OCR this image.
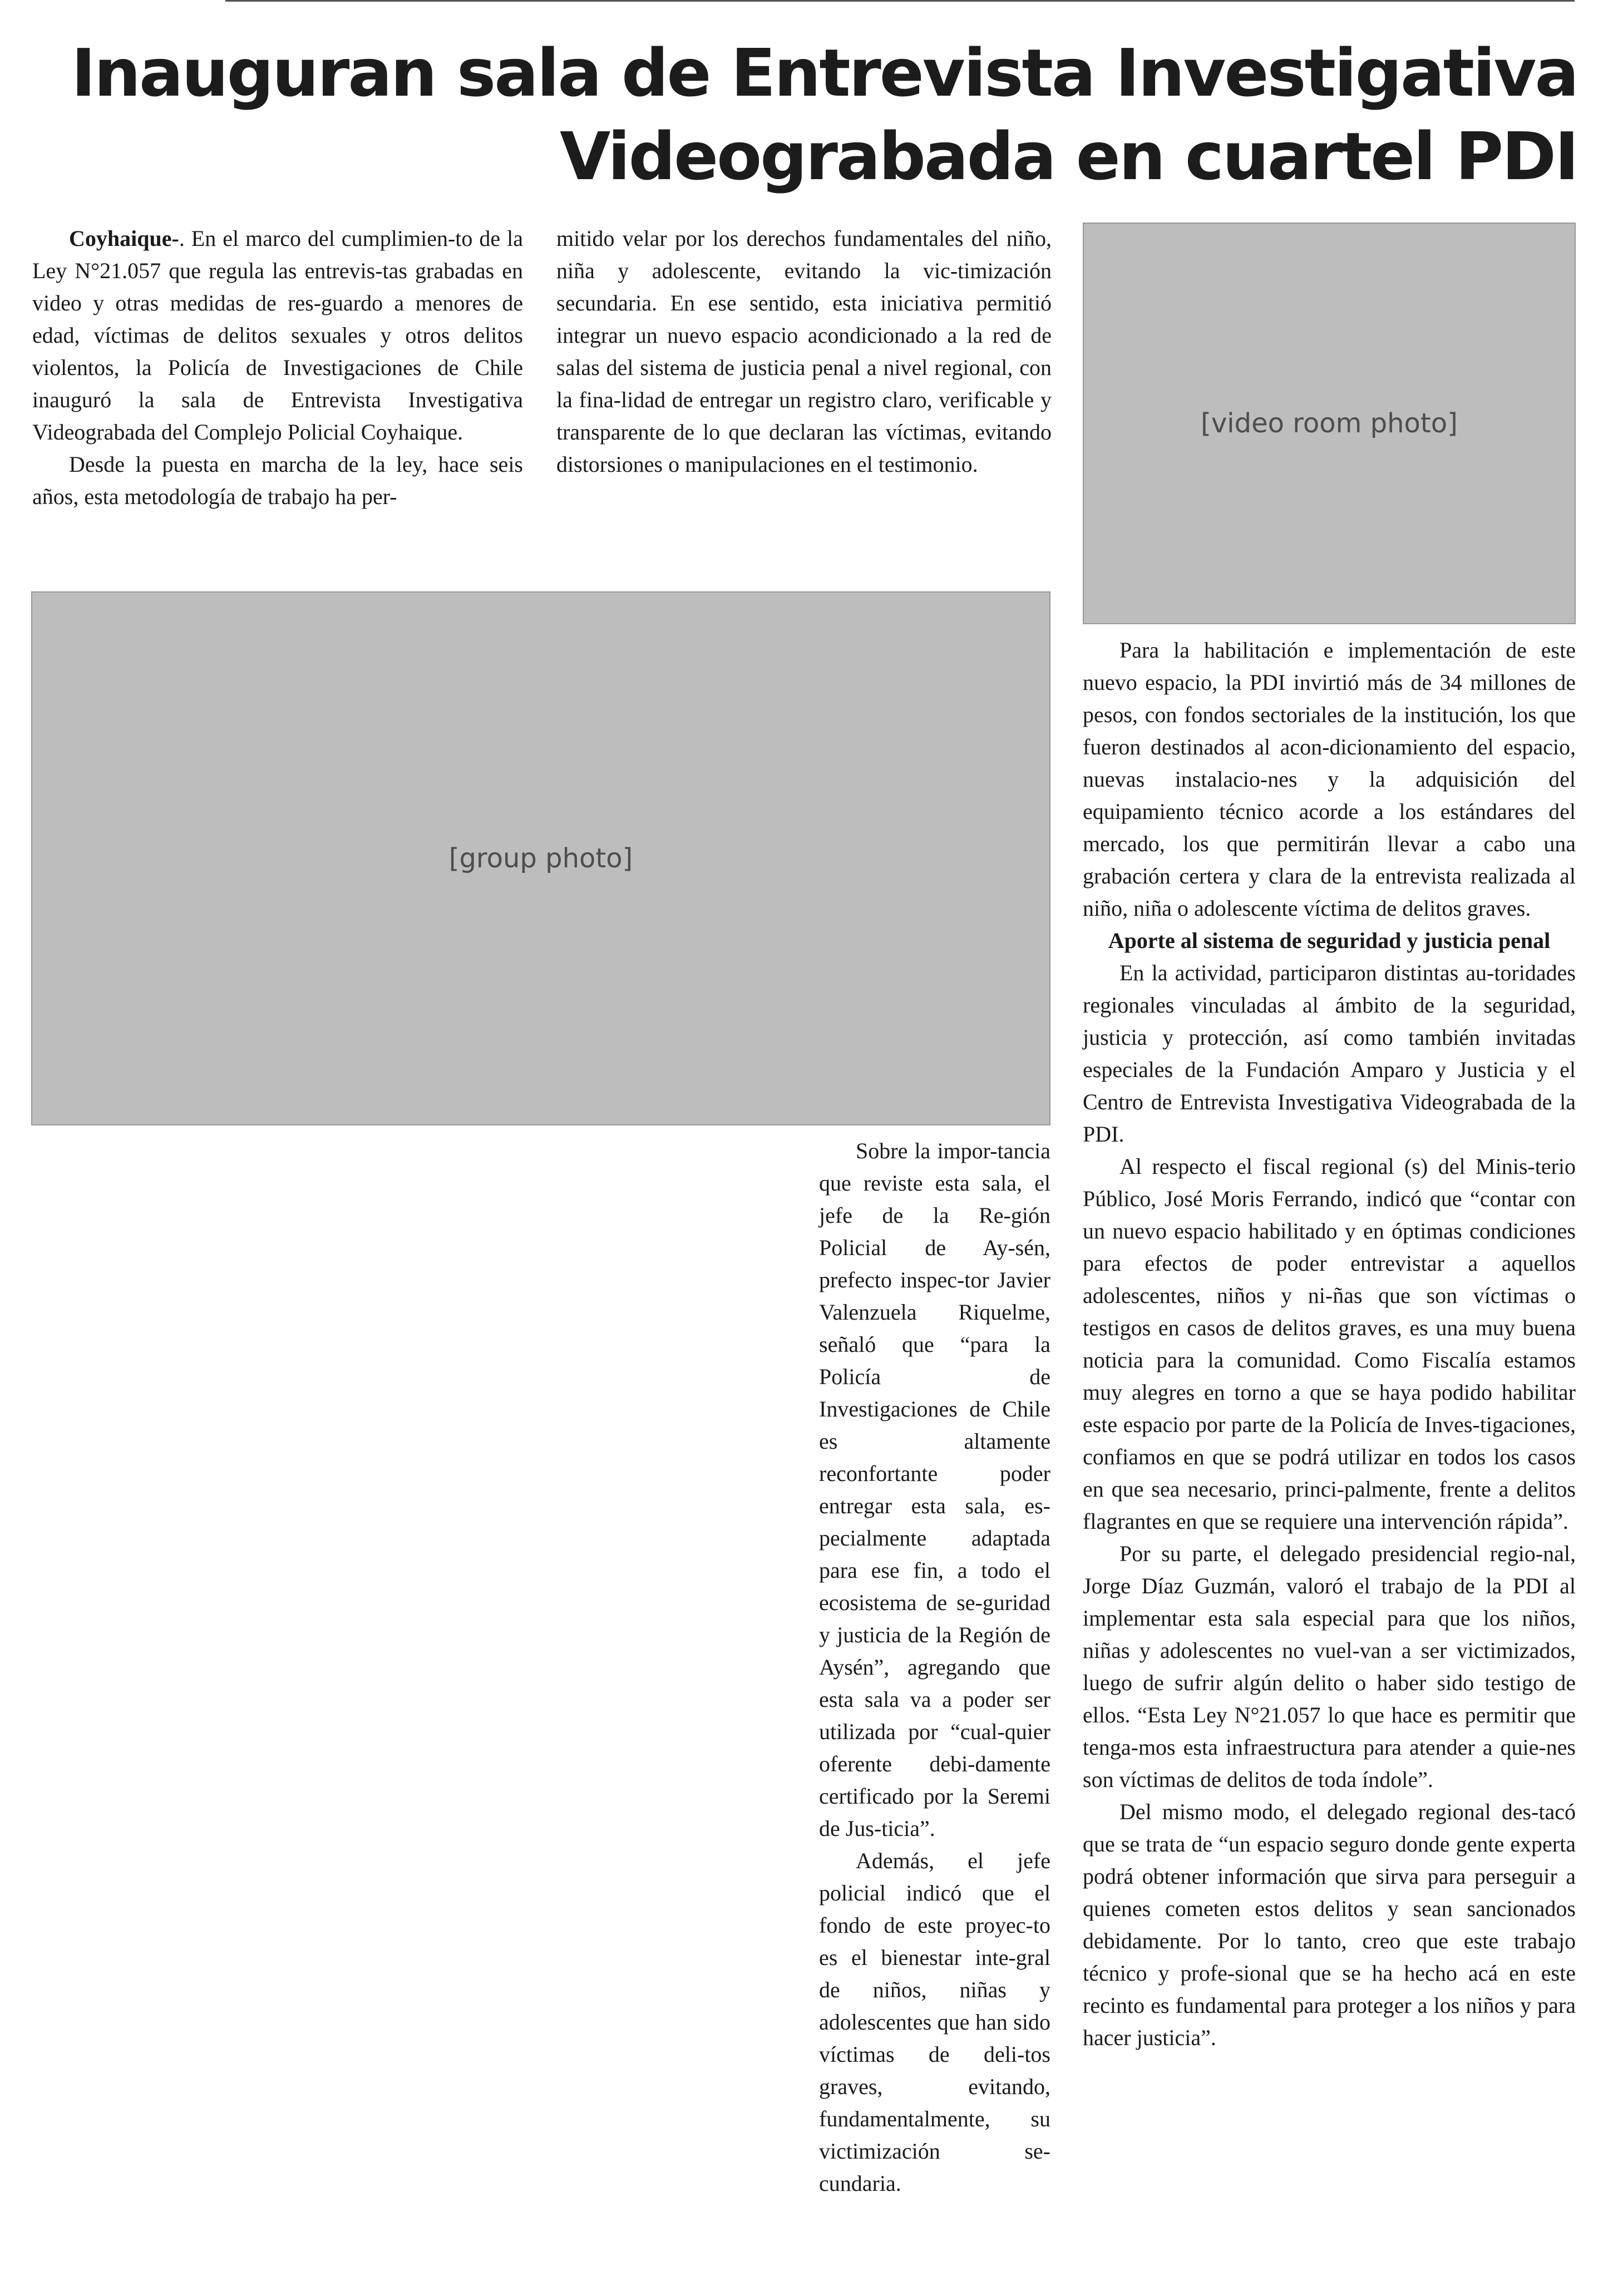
Inauguran sala de Entrevista Investigativa
Videograbada en cuartel PDI

Coyhaique-. En el marco del cumplimien-to de la Ley N°21.057 que regula las entrevis-tas grabadas en video y otras medidas de res-guardo a menores de edad, víctimas de delitos sexuales y otros delitos violentos, la Policía de Investigaciones de Chile inauguró la sala de Entrevista Investigativa Videograbada del Complejo Policial Coyhaique.

Desde la puesta en marcha de la ley, hace seis años, esta metodología de trabajo ha per-

mitido velar por los derechos fundamentales del niño, niña y adolescente, evitando la vic-timización secundaria. En ese sentido, esta iniciativa permitió integrar un nuevo espacio acondicionado a la red de salas del sistema de justicia penal a nivel regional, con la fina-lidad de entregar un registro claro, verificable y transparente de lo que declaran las víctimas, evitando distorsiones o manipulaciones en el testimonio.

[video room photo]
[group photo]

Para la habilitación e implementación de este nuevo espacio, la PDI invirtió más de 34 millones de pesos, con fondos sectoriales de la institución, los que fueron destinados al acon-dicionamiento del espacio, nuevas instalacio-nes y la adquisición del equipamiento técnico acorde a los estándares del mercado, los que permitirán llevar a cabo una grabación certera y clara de la entrevista realizada al niño, niña o adolescente víctima de delitos graves.

Aporte al sistema de seguridad y justicia penal

En la actividad, participaron distintas au-toridades regionales vinculadas al ámbito de la seguridad, justicia y protección, así como también invitadas especiales de la Fundación Amparo y Justicia y el Centro de Entrevista Investigativa Videograbada de la PDI.

Al respecto el fiscal regional (s) del Minis-terio Público, José Moris Ferrando, indicó que “contar con un nuevo espacio habilitado y en óptimas condiciones para efectos de poder entrevistar a aquellos adolescentes, niños y ni-ñas que son víctimas o testigos en casos de delitos graves, es una muy buena noticia para la comunidad. Como Fiscalía estamos muy alegres en torno a que se haya podido habilitar este espacio por parte de la Policía de Inves-tigaciones, confiamos en que se podrá utilizar en todos los casos en que sea necesario, princi-palmente, frente a delitos flagrantes en que se requiere una intervención rápida”.

Por su parte, el delegado presidencial regio-nal, Jorge Díaz Guzmán, valoró el trabajo de la PDI al implementar esta sala especial para que los niños, niñas y adolescentes no vuel-van a ser victimizados, luego de sufrir algún delito o haber sido testigo de ellos. “Esta Ley N°21.057 lo que hace es permitir que tenga-mos esta infraestructura para atender a quie-nes son víctimas de delitos de toda índole”.

Del mismo modo, el delegado regional des-tacó que se trata de “un espacio seguro donde gente experta podrá obtener información que sirva para perseguir a quienes cometen estos delitos y sean sancionados debidamente. Por lo tanto, creo que este trabajo técnico y profe-sional que se ha hecho acá en este recinto es fundamental para proteger a los niños y para hacer justicia”.

Sobre la impor-tancia que reviste esta sala, el jefe de la Re-gión Policial de Ay-sén, prefecto inspec-tor Javier Valenzuela Riquelme, señaló que “para la Policía de Investigaciones de Chile es altamente reconfortante poder entregar esta sala, es-pecialmente adaptada para ese fin, a todo el ecosistema de se-guridad y justicia de la Región de Aysén”, agregando que esta sala va a poder ser utilizada por “cual-quier oferente debi-damente certificado por la Seremi de Jus-ticia”.

Además, el jefe policial indicó que el fondo de este proyec-to es el bienestar inte-gral de niños, niñas y adolescentes que han sido víctimas de deli-tos graves, evitando, fundamentalmente, su victimización se-cundaria.
